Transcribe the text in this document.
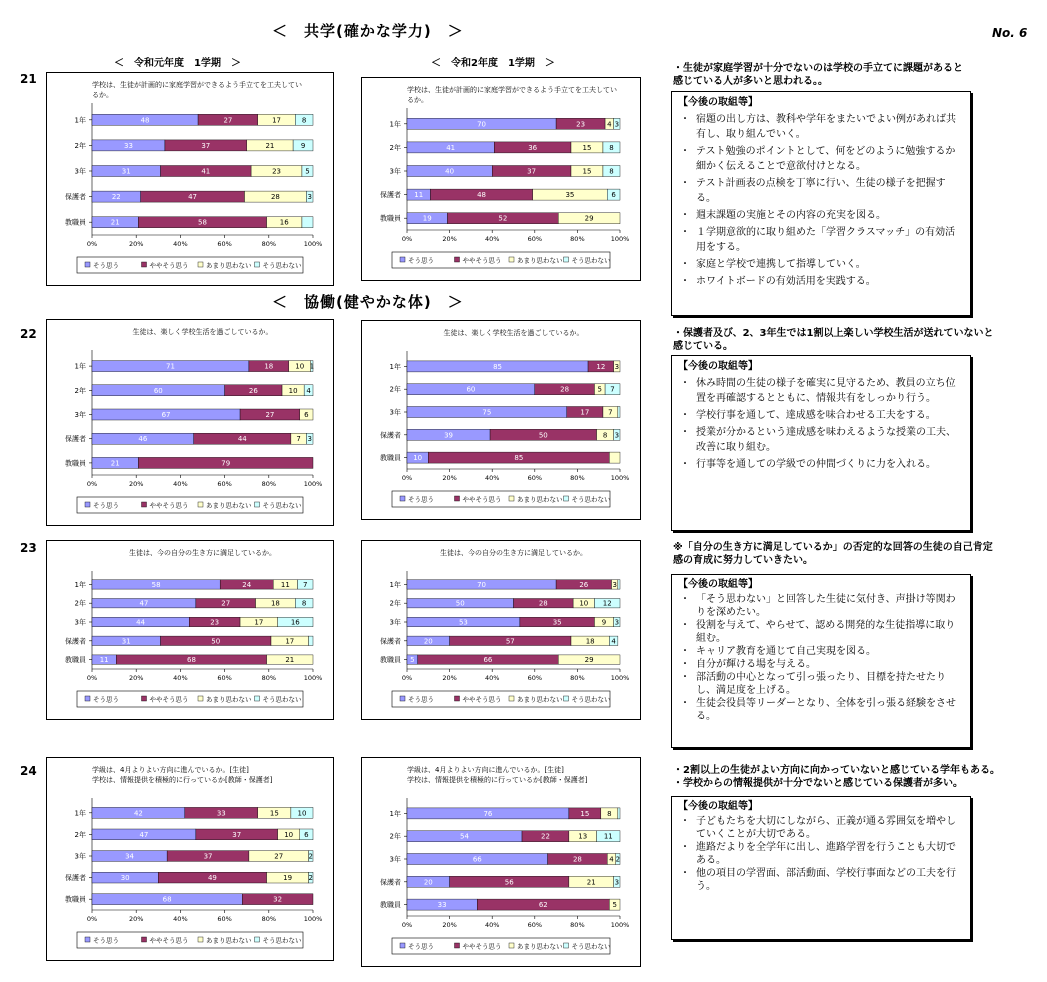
＜　共学(確かな学力)　＞	No. 6
＜　令和元年度　1学期　＞	＜　令和2年度　1学期　＞
＜　協働(健やかな体)　＞
21
22
23
24
学校は、生徒が計画的に家庭学習ができるよう手立てを工夫してい
るか。
0%	20%	40%	60%	80%	100%
1年	48	27	17	8
2年	33	37	21	9
3年	31	41	23	5
保護者	22	47	28	3
教職員	21	58	16
そう思う	ややそう思う	あまり思わない そう思わない
学校は、生徒が計画的に家庭学習ができるよう手立てを工夫してい
るか。
0%	20%	40%	60%	80%	100%
1年	70	23	4 3
2年	41	36	15	8
3年	40	37	15	8
保護者 11	48	35	6
教職員	19	52	29
そう思う	ややそう思う あまり思わない そう思わない
生徒は、楽しく学校生活を過ごしているか。
0%	20%	40%	60%	80%	100%
1年	71	18	10 1
2年	60	26	10 4
3年	67	27	6
保護者	46	44	7 3
教職員	21	79
そう思う	ややそう思う	あまり思わない そう思わない
生徒は、楽しく学校生活を過ごしているか。
0%	20%	40%	60%	80%	100%
1年	85	12 3
2年	60	28	5 7
3年	75	17	7
保護者	39	50	8 3
教職員 10	85
そう思う	ややそう思う あまり思わない そう思わない
生徒は、今の自分の生き方に満足しているか。
0%	20%	40%	60%	80%	100%
1年	58	24	11 7
2年	47	27	18	8
3年	44	23	17	16
保護者	31	50	17
教職員 11	68	21
そう思う	ややそう思う	あまり思わない そう思わない
生徒は、今の自分の生き方に満足しているか。
0%	20%	40%	60%	80%	100%
1年	70	26	3
2年	50	28	10 12
3年	53	35	9 3
保護者	20	57	18 4
教職員 5	66	29
そう思う	ややそう思う あまり思わない そう思わない
学級は、4月よりよい方向に進んでいるか。[生徒]
学校は、情報提供を積極的に行っているか[教師・保護者]
0%	20%	40%	60%	80%	100%
1年	42	33	15	10
2年	47	37	10 6
3年	34	37	27	2
保護者	30	49	19 2
教職員	68	32
そう思う	ややそう思う	あまり思わない そう思わない
学級は、4月よりよい方向に進んでいるか。[生徒]
学校は、情報提供を積極的に行っているか[教師・保護者]
0%	20%	40%	60%	80%	100%
1年	76	15	8
2年	54	22	13 11
3年	66	28	4 2
保護者	20	56	21	3
教職員	33	62	5
そう思う	ややそう思う あまり思わない そう思わない
・生徒が家庭学習が十分でないのは学校の手立てに課題があると
感じている人が多いと思われる。。
・保護者及び、2、3年生では1割以上楽しい学校生活が送れていないと
感じている。
※「自分の生き方に満足しているか」の否定的な回答の生徒の自己肯定
感の育成に努力していきたい。
・2割以上の生徒がよい方向に向かっていないと感じている学年もある。
・学校からの情報提供が十分でないと感じている保護者が多い。
【今後の取組等】
・ 宿題の出し方は、教科や学年をまたいでよい例があれば共有し、取り組んでいく。
・ テスト勉強のポイントとして、何をどのように勉強するか細かく伝えることで意欲付けとなる。
・ テスト計画表の点検を丁寧に行い、生徒の様子を把握する。
・ 週末課題の実施とその内容の充実を図る。
・ １学期意欲的に取り組めた「学習クラスマッチ」の有効活用をする。
・ 家庭と学校で連携して指導していく。
・ ホワイトボードの有効活用を実践する。
【今後の取組等】
・ 休み時間の生徒の様子を確実に見守るため、教員の立ち位置を再確認するとともに、情報共有をしっかり行う。
・ 学校行事を通して、達成感を味合わせる工夫をする。
・ 授業が分かるという達成感を味わえるような授業の工夫、改善に取り組む。
・ 行事等を通しての学級での仲間づくりに力を入れる。
【今後の取組等】
・ 「そう思わない」と回答した生徒に気付き、声掛け等関わりを深めたい。
・ 役割を与えて、やらせて、認める開発的な生徒指導に取り組む。
・ キャリア教育を通じて自己実現を図る。
・ 自分が輝ける場を与える。
・ 部活動の中心となって引っ張ったり、目標を持たせたりし、満足度を上げる。
・ 生徒会役員等リーダーとなり、全体を引っ張る経験をさせる。
【今後の取組等】
・ 子どもたちを大切にしながら、正義が通る雰囲気を増やしていくことが大切である。
・ 進路だよりを全学年に出し、進路学習を行うことも大切である。
・ 他の項目の学習面、部活動面、学校行事面などの工夫を行う。
